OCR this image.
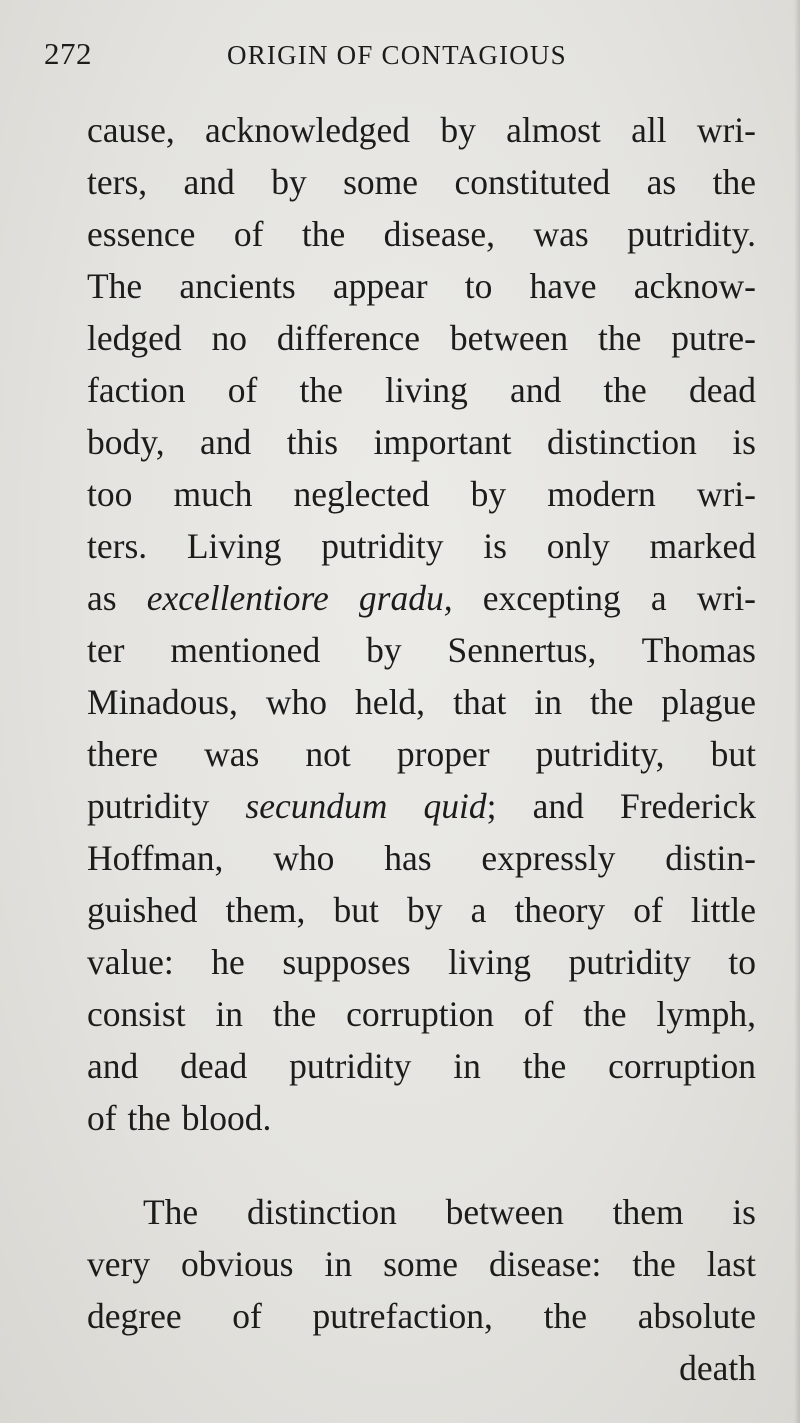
272	ORIGIN OF CONTAGIOUS
cause, acknowledged by almost all wri-
ters, and by some constituted as the
essence of the disease, was putridity.
The ancients appear to have acknow-
ledged no difference between the putre-
faction of the living and the dead
body, and this important distinction is
too much neglected by modern wri-
ters. Living putridity is only marked
as excellentiore gradu, excepting a wri-
ter mentioned by Sennertus, Thomas
Minadous, who held, that in the plague
there was not proper putridity, but
putridity secundum quid; and Frederick
Hoffman, who has expressly distin-
guished them, but by a theory of little
value: he supposes living putridity to
consist in the corruption of the lymph,
and dead putridity in the corruption
of the blood.
The distinction between them is
very obvious in some disease: the last
degree of putrefaction, the absolute
death
